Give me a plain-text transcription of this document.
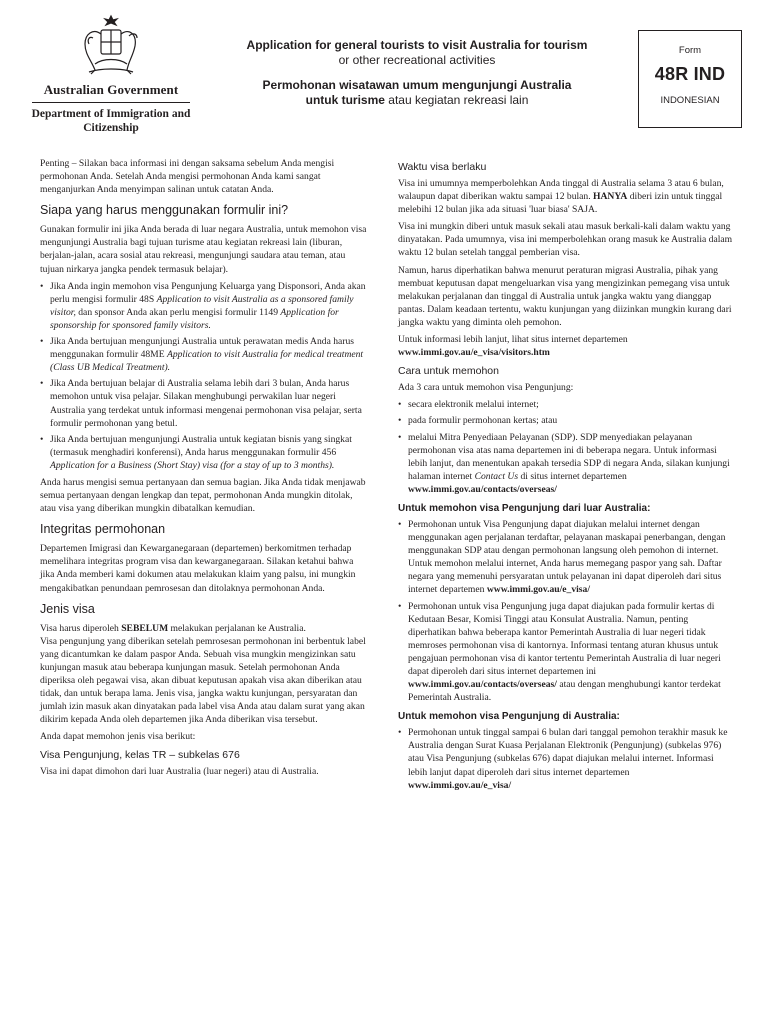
Australian Government
Department of Immigration and Citizenship
Application for general tourists to visit Australia for tourism
or other recreational activities
Permohonan wisatawan umum mengunjungi Australia
untuk turisme atau kegiatan rekreasi lain
Form
48R IND
INDONESIAN

Penting – Silakan baca informasi ini dengan saksama sebelum Anda mengisi permohonan Anda. Setelah Anda mengisi permohonan Anda kami sangat menganjurkan Anda menyimpan salinan untuk catatan Anda.

Siapa yang harus menggunakan formulir ini?

Gunakan formulir ini jika Anda berada di luar negara Australia, untuk memohon visa mengunjungi Australia bagi tujuan turisme atau kegiatan rekreasi lain (liburan, berjalan-jalan, acara sosial atau rekreasi, mengunjungi saudara atau teman, atau tujuan nirkarya jangka pendek termasuk belajar).

• Jika Anda ingin memohon visa Pengunjung Keluarga yang Disponsori, Anda akan perlu mengisi formulir 48S Application to visit Australia as a sponsored family visitor, dan sponsor Anda akan perlu mengisi formulir 1149 Application for sponsorship for sponsored family visitors.
• Jika Anda bertujuan mengunjungi Australia untuk perawatan medis Anda harus menggunakan formulir 48ME Application to visit Australia for medical treatment (Class UB Medical Treatment).
• Jika Anda bertujuan belajar di Australia selama lebih dari 3 bulan, Anda harus memohon untuk visa pelajar. Silakan menghubungi perwakilan luar negeri Australia yang terdekat untuk informasi mengenai permohonan visa pelajar, serta formulir permohonan yang betul.
• Jika Anda bertujuan mengunjungi Australia untuk kegiatan bisnis yang singkat (termasuk menghadiri konferensi), Anda harus menggunakan formulir 456 Application for a Business (Short Stay) visa (for a stay of up to 3 months).

Anda harus mengisi semua pertanyaan dan semua bagian. Jika Anda tidak menjawab semua pertanyaan dengan lengkap dan tepat, permohonan Anda mungkin ditolak, atau visa yang diberikan mungkin dibatalkan kemudian.

Integritas permohonan

Departemen Imigrasi dan Kewarganegaraan (departemen) berkomitmen terhadap memelihara integritas program visa dan kewarganegaraan. Silakan ketahui bahwa jika Anda memberi kami dokumen atau melakukan klaim yang palsu, ini mungkin mengakibatkan penundaan pemrosesan dan ditolaknya permohonan Anda.

Jenis visa

Visa harus diperoleh SEBELUM melakukan perjalanan ke Australia.

Visa pengunjung yang diberikan setelah pemrosesan permohonan ini berbentuk label yang dicantumkan ke dalam paspor Anda. Sebuah visa mungkin mengizinkan satu kunjungan masuk atau beberapa kunjungan masuk. Setelah permohonan Anda diperiksa oleh pegawai visa, akan dibuat keputusan apakah visa akan diberikan atau tidak, dan untuk berapa lama. Jenis visa, jangka waktu kunjungan, persyaratan dan jumlah izin masuk akan dinyatakan pada label visa Anda atau dalam surat yang akan dikirim kepada Anda oleh departemen jika Anda diberikan visa tersebut.

Anda dapat memohon jenis visa berikut:

Visa Pengunjung, kelas TR – subkelas 676

Visa ini dapat dimohon dari luar Australia (luar negeri) atau di Australia.

Waktu visa berlaku

Visa ini umumnya memperbolehkan Anda tinggal di Australia selama 3 atau 6 bulan, walaupun dapat diberikan waktu sampai 12 bulan. HANYA diberi izin untuk tinggal melebihi 12 bulan jika ada situasi 'luar biasa' SAJA.

Visa ini mungkin diberi untuk masuk sekali atau masuk berkali-kali dalam waktu yang dinyatakan. Pada umumnya, visa ini memperbolehkan orang masuk ke Australia dalam waktu 12 bulan setelah tanggal pemberian visa.

Namun, harus diperhatikan bahwa menurut peraturan migrasi Australia, pihak yang membuat keputusan dapat mengeluarkan visa yang mengizinkan pemegang visa untuk melakukan perjalanan dan tinggal di Australia untuk jangka waktu yang dianggap pantas. Dalam keadaan tertentu, waktu kunjungan yang diizinkan mungkin kurang dari jangka waktu yang diminta oleh pemohon.

Untuk informasi lebih lanjut, lihat situs internet departemen
www.immi.gov.au/e_visa/visitors.htm

Cara untuk memohon

Ada 3 cara untuk memohon visa Pengunjung:

• secara elektronik melalui internet;
• pada formulir permohonan kertas; atau
• melalui Mitra Penyediaan Pelayanan (SDP). SDP menyediakan pelayanan permohonan visa atas nama departemen ini di beberapa negara. Untuk informasi lebih lanjut, dan menentukan apakah tersedia SDP di negara Anda, silakan kunjungi halaman internet Contact Us di situs internet departemen www.immi.gov.au/contacts/overseas/
Untuk memohon visa Pengunjung dari luar Australia:
• Permohonan untuk Visa Pengunjung dapat diajukan melalui internet dengan menggunakan agen perjalanan terdaftar, pelayanan maskapai penerbangan, dengan menggunakan SDP atau dengan permohonan langsung oleh pemohon di internet. Untuk memohon melalui internet, Anda harus memegang paspor yang sah. Daftar negara yang memenuhi persyaratan untuk pelayanan ini dapat diperoleh dari situs internet departemen www.immi.gov.au/e_visa/
• Permohonan untuk visa Pengunjung juga dapat diajukan pada formulir kertas di Kedutaan Besar, Komisi Tinggi atau Konsulat Australia. Namun, penting diperhatikan bahwa beberapa kantor Pemerintah Australia di luar negeri tidak memroses permohonan visa di kantornya. Informasi tentang aturan khusus untuk pengajuan permohonan visa di kantor tertentu Pemerintah Australia di luar negeri dapat diperoleh dari situs internet departemen ini www.immi.gov.au/contacts/overseas/ atau dengan menghubungi kantor terdekat Pemerintah Australia.
Untuk memohon visa Pengunjung di Australia:
• Permohonan untuk tinggal sampai 6 bulan dari tanggal pemohon terakhir masuk ke Australia dengan Surat Kuasa Perjalanan Elektronik (Pengunjung) (subkelas 976) atau Visa Pengunjung (subkelas 676) dapat diajukan melalui internet. Informasi lebih lanjut dapat diperoleh dari situs internet departemen www.immi.gov.au/e_visa/
